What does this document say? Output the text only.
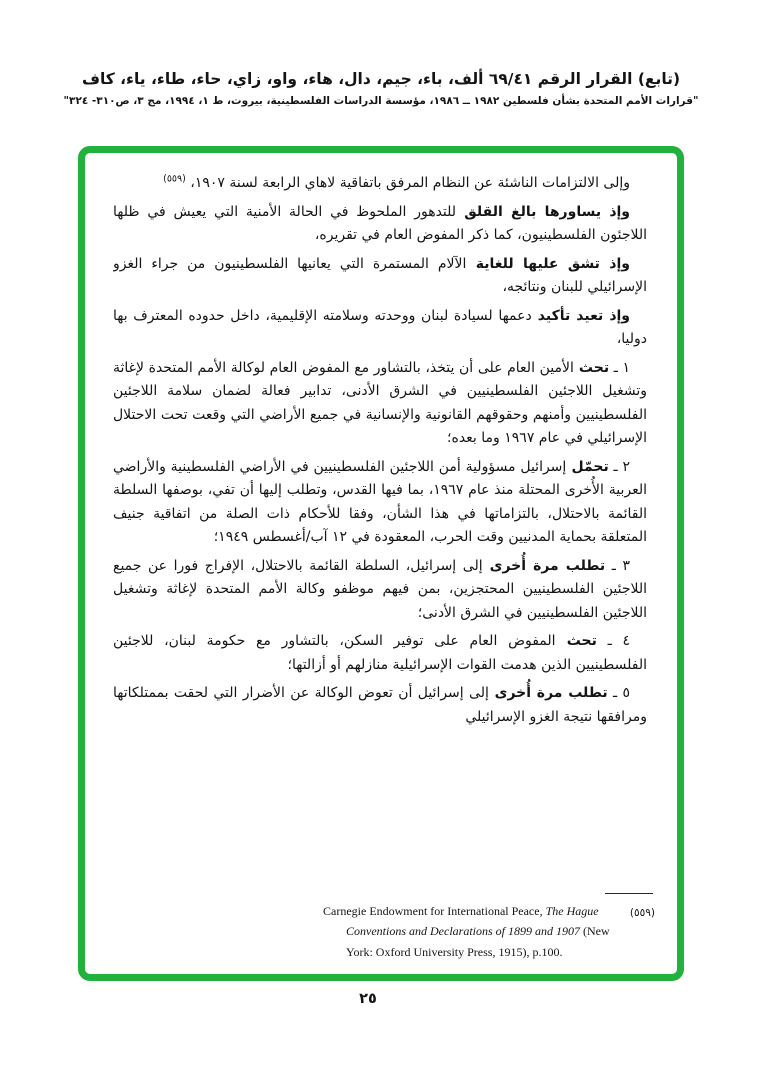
(تابع) القرار الرقم ٦٩/٤١ ألف، باء، جيم، دال، هاء، واو، زاي، حاء، طاء، ياء، كاف
"قرارات الأمم المتحدة بشأن فلسطين ١٩٨٢ ــ ١٩٨٦، مؤسسة الدراسات الفلسطينية، بيروت، ط ١، ١٩٩٤، مج ٣، ص٣١٠- ٣٢٤"

وإلى الالتزامات الناشئة عن النظام المرفق باتفاقية لاهاي الرابعة لسنة ١٩٠٧، $^{(٥٥٩)}$

وإذ يساورها بالغ القلق للتدهور الملحوظ في الحالة الأمنية التي يعيش في ظلها اللاجئون الفلسطينيون، كما ذكر المفوض العام في تقريره،

وإذ تشق عليها للغاية الآلام المستمرة التي يعانيها الفلسطينيون من جراء الغزو الإسرائيلي للبنان ونتائجه،

وإذ تعيد تأكيد دعمها لسيادة لبنان ووحدته وسلامته الإقليمية، داخل حدوده المعترف بها دوليا،

١ ـ تحث الأمين العام على أن يتخذ، بالتشاور مع المفوض العام لوكالة الأمم المتحدة لإغاثة وتشغيل اللاجئين الفلسطينيين في الشرق الأدنى، تدابير فعالة لضمان سلامة اللاجئين الفلسطينيين وأمنهم وحقوقهم القانونية والإنسانية في جميع الأراضي التي وقعت تحت الاحتلال الإسرائيلي في عام ١٩٦٧ وما بعده؛

٢ ـ تحمّل إسرائيل مسؤولية أمن اللاجئين الفلسطينيين في الأراضي الفلسطينية والأراضي العربية الأُخرى المحتلة منذ عام ١٩٦٧، بما فيها القدس، وتطلب إليها أن تفي، بوصفها السلطة القائمة بالاحتلال، بالتزاماتها في هذا الشأن، وفقا للأحكام ذات الصلة من اتفاقية جنيف المتعلقة بحماية المدنيين وقت الحرب، المعقودة في ١٢ آب/أغسطس ١٩٤٩؛

٣ ـ تطلب مرة أُخرى إلى إسرائيل، السلطة القائمة بالاحتلال، الإفراج فورا عن جميع اللاجئين الفلسطينيين المحتجزين، بمن فيهم موظفو وكالة الأمم المتحدة لإغاثة وتشغيل اللاجئين الفلسطينيين في الشرق الأدنى؛

٤ ـ تحث المفوض العام على توفير السكن، بالتشاور مع حكومة لبنان، للاجئين الفلسطينيين الذين هدمت القوات الإسرائيلية منازلهم أو أزالتها؛

٥ ـ تطلب مرة أُخرى إلى إسرائيل أن تعوض الوكالة عن الأضرار التي لحقت بممتلكاتها ومرافقها نتيجة الغزو الإسرائيلي

(٥٥٩)
Carnegie Endowment for International Peace, The Hague Conventions and Declarations of 1899 and 1907 (New York: Oxford University Press, 1915), p.100.
٢٥
